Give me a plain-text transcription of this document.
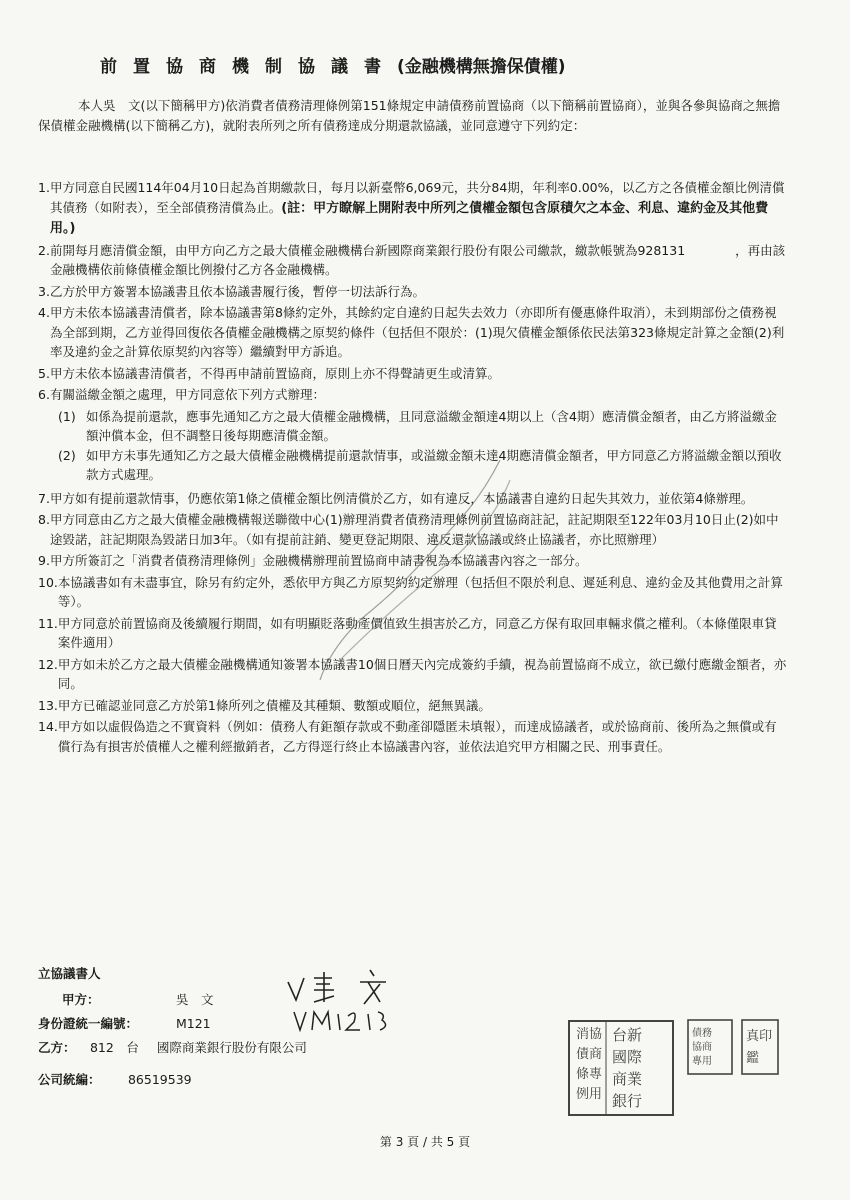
前置協商機制協議書(金融機構無擔保債權)
本人吳　文(以下簡稱甲方)依消費者債務清理條例第151條規定申請債務前置協商（以下簡稱前置協商），並與各參與協商之無擔保債權金融機構(以下簡稱乙方)，就附表所列之所有債務達成分期還款協議，並同意遵守下列約定：
1. 甲方同意自民國114年04月10日起為首期繳款日，每月以新臺幣6,069元，共分84期，年利率0.00%，以乙方之各債權金額比例清償其債務（如附表），至全部債務清償為止。(註：甲方瞭解上開附表中所列之債權金額包含原積欠之本金、利息、違約金及其他費用。)
2. 前開每月應清償金額，由甲方向乙方之最大債權金融機構台新國際商業銀行股份有限公司繳款，繳款帳號為928131　　　　，再由該金融機構依前條債權金額比例撥付乙方各金融機構。
3. 乙方於甲方簽署本協議書且依本協議書履行後，暫停一切法訴行為。
4. 甲方未依本協議書清償者，除本協議書第8條約定外，其餘約定自違約日起失去效力（亦即所有優惠條件取消），未到期部份之債務視為全部到期，乙方並得回復依各債權金融機構之原契約條件（包括但不限於：(1)現欠債權金額係依民法第323條規定計算之金額(2)利率及違約金之計算依原契約內容等）繼續對甲方訴追。
5. 甲方未依本協議書清償者，不得再申請前置協商，原則上亦不得聲請更生或清算。
6. 有關溢繳金額之處理，甲方同意依下列方式辦理：
(1) 如係為提前還款，應事先通知乙方之最大債權金融機構，且同意溢繳金額達4期以上（含4期）應清償金額者，由乙方將溢繳金額沖償本金，但不調整日後每期應清償金額。
(2) 如甲方未事先通知乙方之最大債權金融機構提前還款情事，或溢繳金額未達4期應清償金額者，甲方同意乙方將溢繳金額以預收款方式處理。
7. 甲方如有提前還款情事，仍應依第1條之債權金額比例清償於乙方，如有違反，本協議書自違約日起失其效力，並依第4條辦理。
8. 甲方同意由乙方之最大債權金融機構報送聯徵中心(1)辦理消費者債務清理條例前置協商註記，註記期限至122年03月10日止(2)如中途毀諾，註記期限為毀諾日加3年。（如有提前註銷、變更登記期限、違反還款協議或終止協議者，亦比照辦理）
9. 甲方所簽訂之「消費者債務清理條例」金融機構辦理前置協商申請書視為本協議書內容之一部分。
10. 本協議書如有未盡事宜，除另有約定外，悉依甲方與乙方原契約約定辦理（包括但不限於利息、遲延利息、違約金及其他費用之計算等）。
11. 甲方同意於前置協商及後續履行期間，如有明顯貶落動產價值致生損害於乙方，同意乙方保有取回車輛求償之權利。（本條僅限車貸案件適用）
12. 甲方如未於乙方之最大債權金融機構通知簽署本協議書10個日曆天內完成簽約手續，視為前置協商不成立，欲已繳付應繳金額者，亦同。
13. 甲方已確認並同意乙方於第1條所列之債權及其種類、數額或順位，絕無異議。
14. 甲方如以虛假偽造之不實資料（例如：債務人有鉅額存款或不動產卻隱匿未填報），而達成協議者，或於協商前、後所為之無償或有償行為有損害於債權人之權利經撤銷者，乙方得逕行終止本協議書內容，並依法追究甲方相關之民、刑事責任。
立協議書人
甲方：	吳　文
身份證統一編號：	M121
乙方： 812　台 國際商業銀行股份有限公司
公司統編： 86519539
消協
債商
條專
例用
台新
國際
商業
銀行
債務
協商
專用
真印
鑑
第 3 頁 / 共 5 頁
